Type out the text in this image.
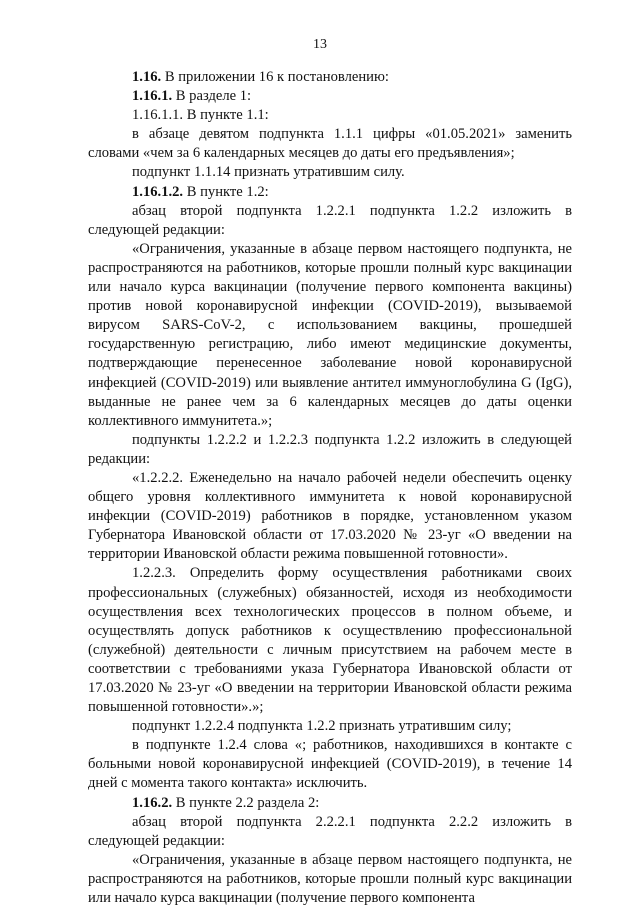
13

1.16. В приложении 16 к постановлению:

1.16.1. В разделе 1:

1.16.1.1. В пункте 1.1:

в абзаце девятом подпункта 1.1.1 цифры «01.05.2021» заменить словами «чем за 6 календарных месяцев до даты его предъявления»;

подпункт 1.1.14 признать утратившим силу.

1.16.1.2. В пункте 1.2:

абзац второй подпункта 1.2.2.1 подпункта 1.2.2 изложить в следующей редакции:

«Ограничения, указанные в абзаце первом настоящего подпункта, не распространяются на работников, которые прошли полный курс вакцинации или начало курса вакцинации (получение первого компонента вакцины) против новой коронавирусной инфекции (COVID-2019), вызываемой вирусом SARS-CoV-2, с использованием вакцины, прошедшей государственную регистрацию, либо имеют медицинские документы, подтверждающие перенесенное заболевание новой коронавирусной инфекцией (COVID-2019) или выявление антител иммуноглобулина G (IgG), выданные не ранее чем за 6 календарных месяцев до даты оценки коллективного иммунитета.»;

подпункты 1.2.2.2 и 1.2.2.3 подпункта 1.2.2 изложить в следующей редакции:

«1.2.2.2. Еженедельно на начало рабочей недели обеспечить оценку общего уровня коллективного иммунитета к новой коронавирусной инфекции (COVID-2019) работников в порядке, установленном указом Губернатора Ивановской области от 17.03.2020 № 23-уг «О введении на территории Ивановской области режима повышенной готовности».

1.2.2.3. Определить форму осуществления работниками своих профессиональных (служебных) обязанностей, исходя из необходимости осуществления всех технологических процессов в полном объеме, и осуществлять допуск работников к осуществлению профессиональной (служебной) деятельности с личным присутствием на рабочем месте в соответствии с требованиями указа Губернатора Ивановской области от 17.03.2020 № 23-уг «О введении на территории Ивановской области режима повышенной готовности».»;

подпункт 1.2.2.4 подпункта 1.2.2 признать утратившим силу;

в подпункте 1.2.4 слова «; работников, находившихся в контакте с больными новой коронавирусной инфекцией (COVID-2019), в течение 14 дней с момента такого контакта» исключить.

1.16.2. В пункте 2.2 раздела 2:

абзац второй подпункта 2.2.2.1 подпункта 2.2.2 изложить в следующей редакции:

«Ограничения, указанные в абзаце первом настоящего подпункта, не распространяются на работников, которые прошли полный курс вакцинации или начало курса вакцинации (получение первого компонента
